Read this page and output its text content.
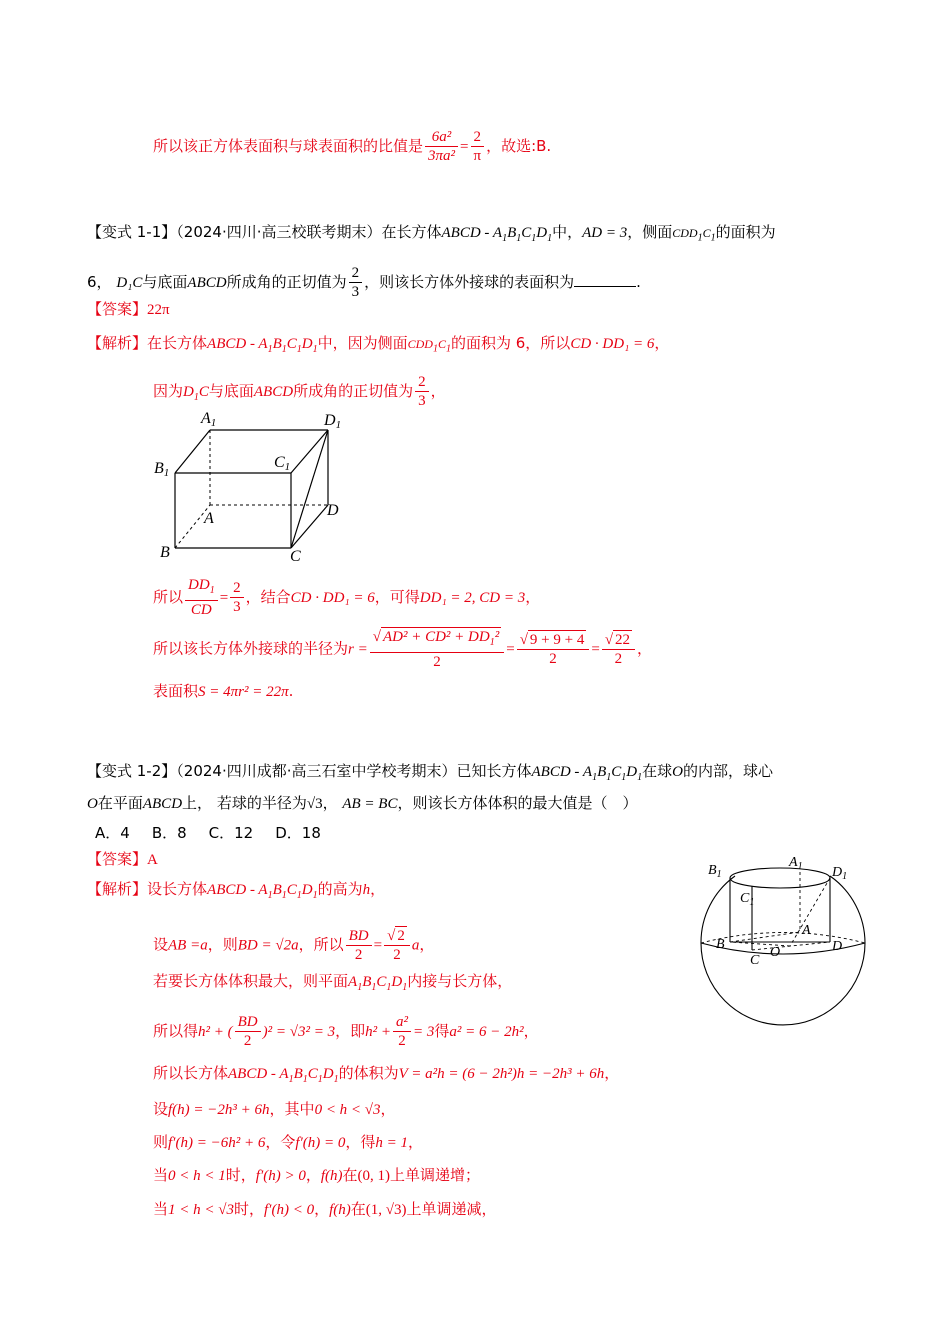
所以该正方体表面积与球表面积的比值是 $\frac{\text{6a²}}{\text{3πa²}} = \frac{2}{\pi}$ ，故选:B.
【变式 1-1】（2024·四川·高三校联考期末）在长方体ABCD - $A_1B_1C_1D_1$中，AD = 3，侧面$CDD_1C_1$的面积为
6， D₁C与底面ABCD所成角的正切值为 $\frac{2}{3}$ ，则该长方体外接球的表面积为	.
【答案】22π
【解析】在长方体ABCD - $A_1B_1C_1D_1$中，因为侧面$CDD_1C_1$的面积为 6，所以CD · DD₁ = 6，
因为$D_1C$与底面ABCD所成角的正切值为 $\frac{2}{3}$ ，
A1	D1
B1
C1
A	D
B	C
所以 $\frac{DD_1}{CD} = \frac{2}{3}$ ，结合CD · DD₁ = 6，可得DD₁ = 2, CD = 3，
所以该长方体外接球的半径为$r = \frac{√ AD^2 + CD^2 + DD_1^2}{2} = \frac{√ 9 + 9 + 4}{2} = \frac{√ 22}{2}$ ，
表面积S = 4πr² = 22π.
【变式 1-2】（2024·四川成都·高三石室中学校考期末）已知长方体ABCD - $A_1B_1C_1D_1$在球O的内部，球心
O在平面ABCD上， 若球的半径为√3， AB = BC，则该长方体体积的最大值是（　）
A．4 B．8 C．12 D．18
【答案】A
【解析】设长方体ABCD - $A_1B_1C_1D_1$的高为h，
设AB =a，则BD = √2a，所以 $\frac{BD}{2} = \frac{√ 2}{2}$ a，
若要长方体体积最大，则平面$A_1B_1C_1D_1$内接与长方体，
所以得h² + ( $\frac{BD}{2} )^2 = √3^2 = 3$，即$h^2 + \frac{\text{a²}}{2} = 3$得a² = 6 − 2h²，
所以长方体ABCD - $A_1B_1C_1D_1$的体积为V = a²h = (6 − 2h²)h = −2h³ + 6h，
设f(h) = −2h³ + 6h，其中0 < h < √3，
则f′(h) = −6h² + 6，令f′(h) = 0，得h = 1，
当0 < h < 1时，f′(h) > 0，f(h)在(0, 1)上单调递增；
当1 < h < √3时，f′(h) < 0，f(h)在(1, √3)上单调递减，
$B_1$
$A_1$ $D_1$
$C_1$
A
B	D
C
O
